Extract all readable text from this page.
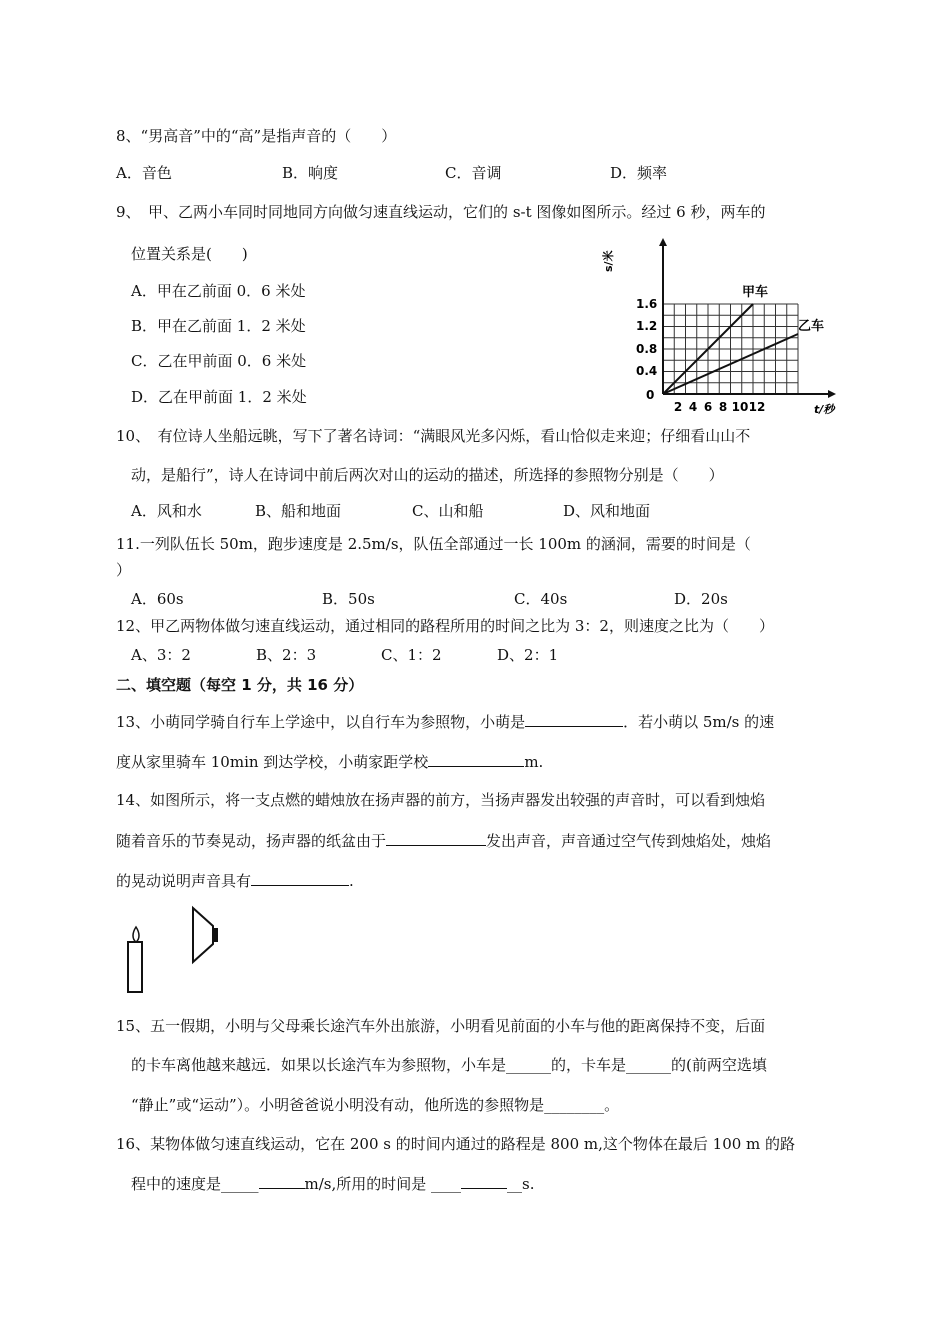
8、“男高音”中的“高”是指声音的（　　）
A．音色	B．响度	C．音调	D．频率
9、　甲、乙两小车同时同地同方向做匀速直线运动，它们的 s-t 图像如图所示。经过 6 秒，两车的
位置关系是(　　)
A．甲在乙前面 0．6 米处
B．甲在乙前面 1．2 米处
C．乙在甲前面 0．6 米处
D．乙在甲前面 1．2 米处
1.6
1.2
0.8
0.4
0
2 4 6 8 10 12
s/米
t/秒
甲车
乙车
10、　有位诗人坐船远眺，写下了著名诗词：“满眼风光多闪烁，看山恰似走来迎；仔细看山山不
动，是船行”，诗人在诗词中前后两次对山的运动的描述，所选择的参照物分别是（　　）
A．风和水	B、船和地面	C、山和船	D、风和地面
11.一列队伍长 50m，跑步速度是 2.5m/s，队伍全部通过一长 100m 的涵洞，需要的时间是（
）
A．60s	B．50s	C．40s	D．20s
12、甲乙两物体做匀速直线运动，通过相同的路程所用的时间之比为 3：2，则速度之比为（　　）
A、3：2	B、2：3	C、1：2	D、2：1
二、填空题（每空 1 分，共 16 分）
13、小萌同学骑自行车上学途中，以自行车为参照物，小萌是	．若小萌以 5m/s 的速
度从家里骑车 10min 到达学校，小萌家距学校	m.
14、如图所示，将一支点燃的蜡烛放在扬声器的前方，当扬声器发出较强的声音时，可以看到烛焰
随着音乐的节奏晃动，扬声器的纸盆由于	发出声音，声音通过空气传到烛焰处，烛焰
的晃动说明声音具有	.
15、五一假期，小明与父母乘长途汽车外出旅游，小明看见前面的小车与他的距离保持不变，后面
的卡车离他越来越远．如果以长途汽车为参照物，小车是______的，卡车是______的(前两空选填
“静止”或“运动”）。小明爸爸说小明没有动，他所选的参照物是________。
16、某物体做匀速直线运动，它在 200 s 的时间内通过的路程是 800 m,这个物体在最后 100 m 的路
程中的速度是_____	m/s,所用的时间是 ____	__s.
